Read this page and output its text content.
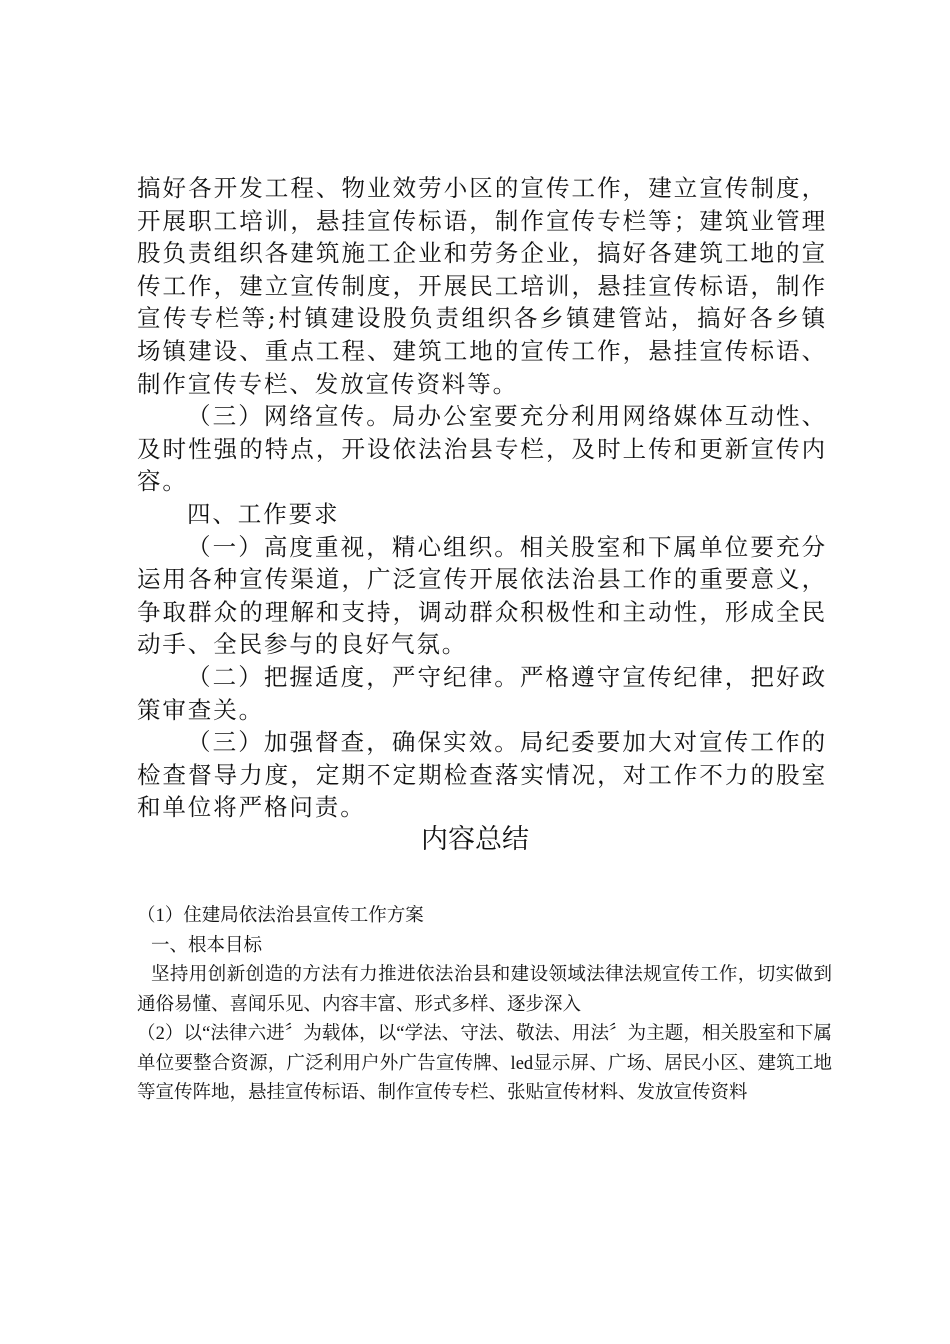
搞好各开发工程、物业效劳小区的宣传工作，建立宣传制度，开展职工培训，悬挂宣传标语，制作宣传专栏等；建筑业管理股负责组织各建筑施工企业和劳务企业，搞好各建筑工地的宣传工作，建立宣传制度，开展民工培训，悬挂宣传标语，制作宣传专栏等;村镇建设股负责组织各乡镇建管站，搞好各乡镇场镇建设、重点工程、建筑工地的宣传工作，悬挂宣传标语、制作宣传专栏、发放宣传资料等。

（三）网络宣传。局办公室要充分利用网络媒体互动性、及时性强的特点，开设依法治县专栏，及时上传和更新宣传内容。

四、工作要求

（一）高度重视，精心组织。相关股室和下属单位要充分运用各种宣传渠道，广泛宣传开展依法治县工作的重要意义，争取群众的理解和支持，调动群众积极性和主动性，形成全民动手、全民参与的良好气氛。

（二）把握适度，严守纪律。严格遵守宣传纪律，把好政策审查关。

（三）加强督查，确保实效。局纪委要加大对宣传工作的检查督导力度，定期不定期检查落实情况，对工作不力的股室和单位将严格问责。

内容总结

（1）住建局依法治县宣传工作方案

一、根本目标

坚持用创新创造的方法有力推进依法治县和建设领域法律法规宣传工作，切实做到通俗易懂、喜闻乐见、内容丰富、形式多样、逐步深入

（2）以“法律六进〞为载体，以“学法、守法、敬法、用法〞为主题，相关股室和下属单位要整合资源，广泛利用户外广告宣传牌、led显示屏、广场、居民小区、建筑工地等宣传阵地，悬挂宣传标语、制作宣传专栏、张贴宣传材料、发放宣传资料
